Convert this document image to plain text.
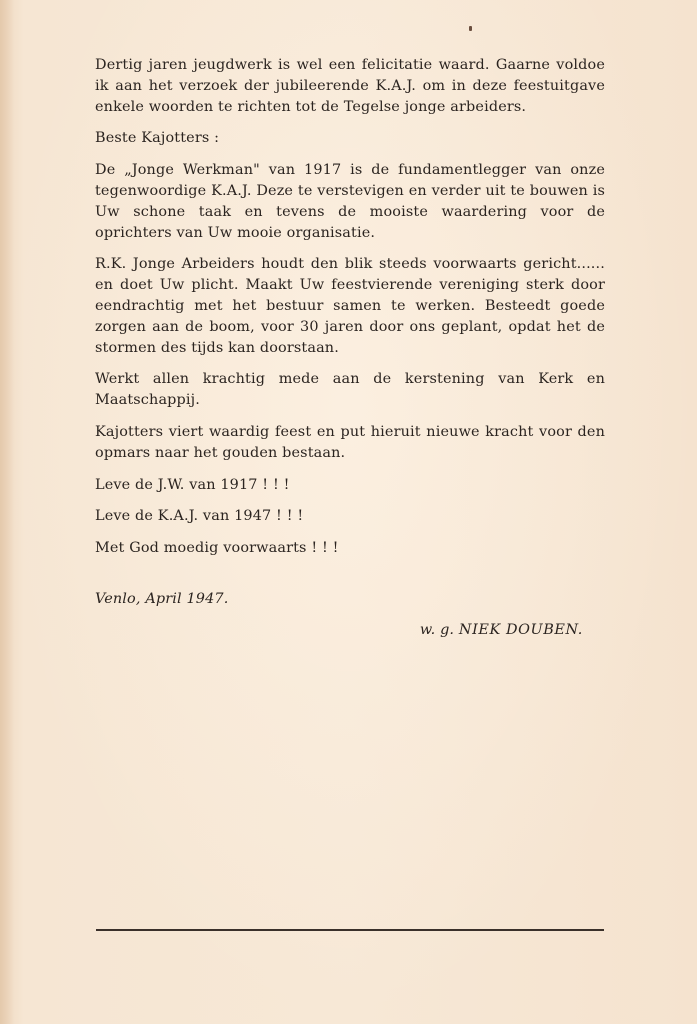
Dertig jaren jeugdwerk is wel een felicitatie waard. Gaarne voldoe ik aan het verzoek der jubileerende K.A.J. om in deze feestuitgave enkele woorden te richten tot de Tegelse jonge arbeiders.

Beste Kajotters :

De „Jonge Werkman" van 1917 is de fundamentlegger van onze tegenwoordige K.A.J. Deze te verstevigen en verder uit te bouwen is Uw schone taak en tevens de mooiste waardering voor de oprichters van Uw mooie organisatie.

R.K. Jonge Arbeiders houdt den blik steeds voorwaarts gericht...... en doet Uw plicht. Maakt Uw feestvierende vereniging sterk door eendrachtig met het bestuur samen te werken. Besteedt goede zorgen aan de boom, voor 30 jaren door ons geplant, opdat het de stormen des tijds kan doorstaan.

Werkt allen krachtig mede aan de kerstening van Kerk en Maatschappij.

Kajotters viert waardig feest en put hieruit nieuwe kracht voor den opmars naar het gouden bestaan.

Leve de J.W. van 1917 ! ! !

Leve de K.A.J. van 1947 ! ! !

Met God moedig voorwaarts ! ! !

Venlo, April 1947.

w. g. NIEK DOUBEN.
